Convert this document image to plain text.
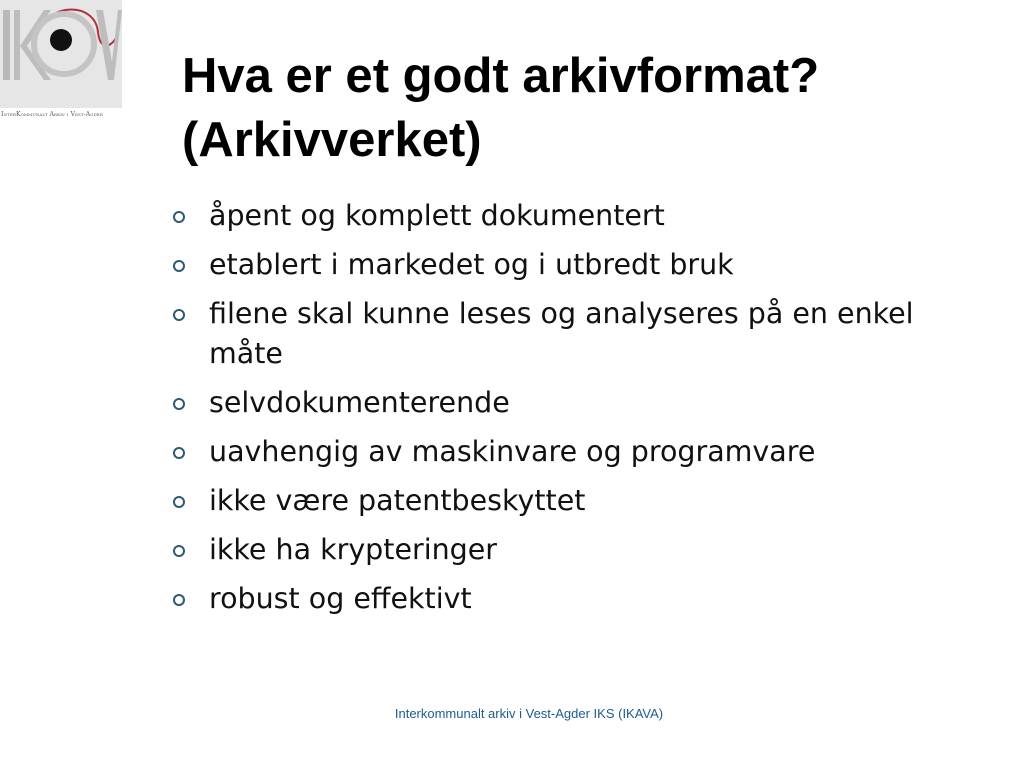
InterKommunalt Arkiv i Vest-Agder
Hva er et godt arkivformat?
(Arkivverket)
åpent og komplett dokumentert
etablert i markedet og i utbredt bruk
filene skal kunne leses og analyseres på en enkel måte
selvdokumenterende
uavhengig av maskinvare og programvare
ikke være patentbeskyttet
ikke ha krypteringer
robust og effektivt
Interkommunalt arkiv i Vest-Agder IKS (IKAVA)
